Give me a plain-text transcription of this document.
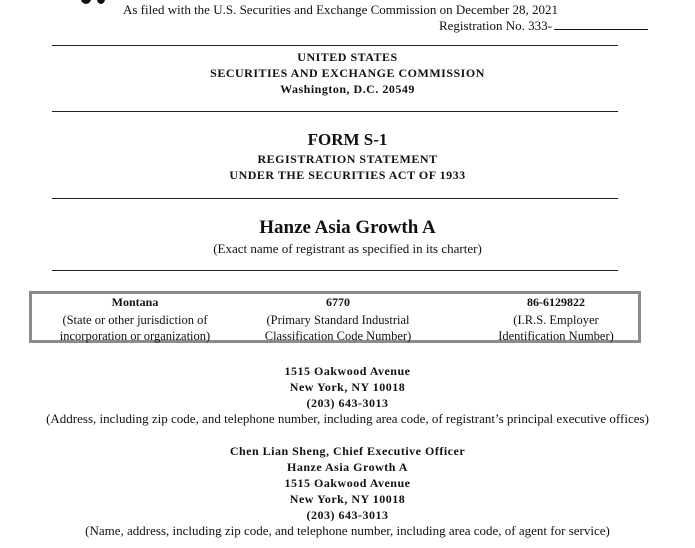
As filed with the U.S. Securities and Exchange Commission on December 28, 2021
Registration No. 333-
UNITED STATES
SECURITIES AND EXCHANGE COMMISSION
Washington, D.C. 20549
FORM S-1
REGISTRATION STATEMENT
UNDER THE SECURITIES ACT OF 1933
Hanze Asia Growth A
(Exact name of registrant as specified in its charter)
Montana
(State or other jurisdiction of
incorporation or organization)
6770
(Primary Standard Industrial
Classification Code Number)
86-6129822
(I.R.S. Employer
Identification Number)
1515 Oakwood Avenue
New York, NY 10018
(203) 643-3013
(Address, including zip code, and telephone number, including area code, of registrant’s principal executive offices)
Chen Lian Sheng, Chief Executive Officer
Hanze Asia Growth A
1515 Oakwood Avenue
New York, NY 10018
(203) 643-3013
(Name, address, including zip code, and telephone number, including area code, of agent for service)
